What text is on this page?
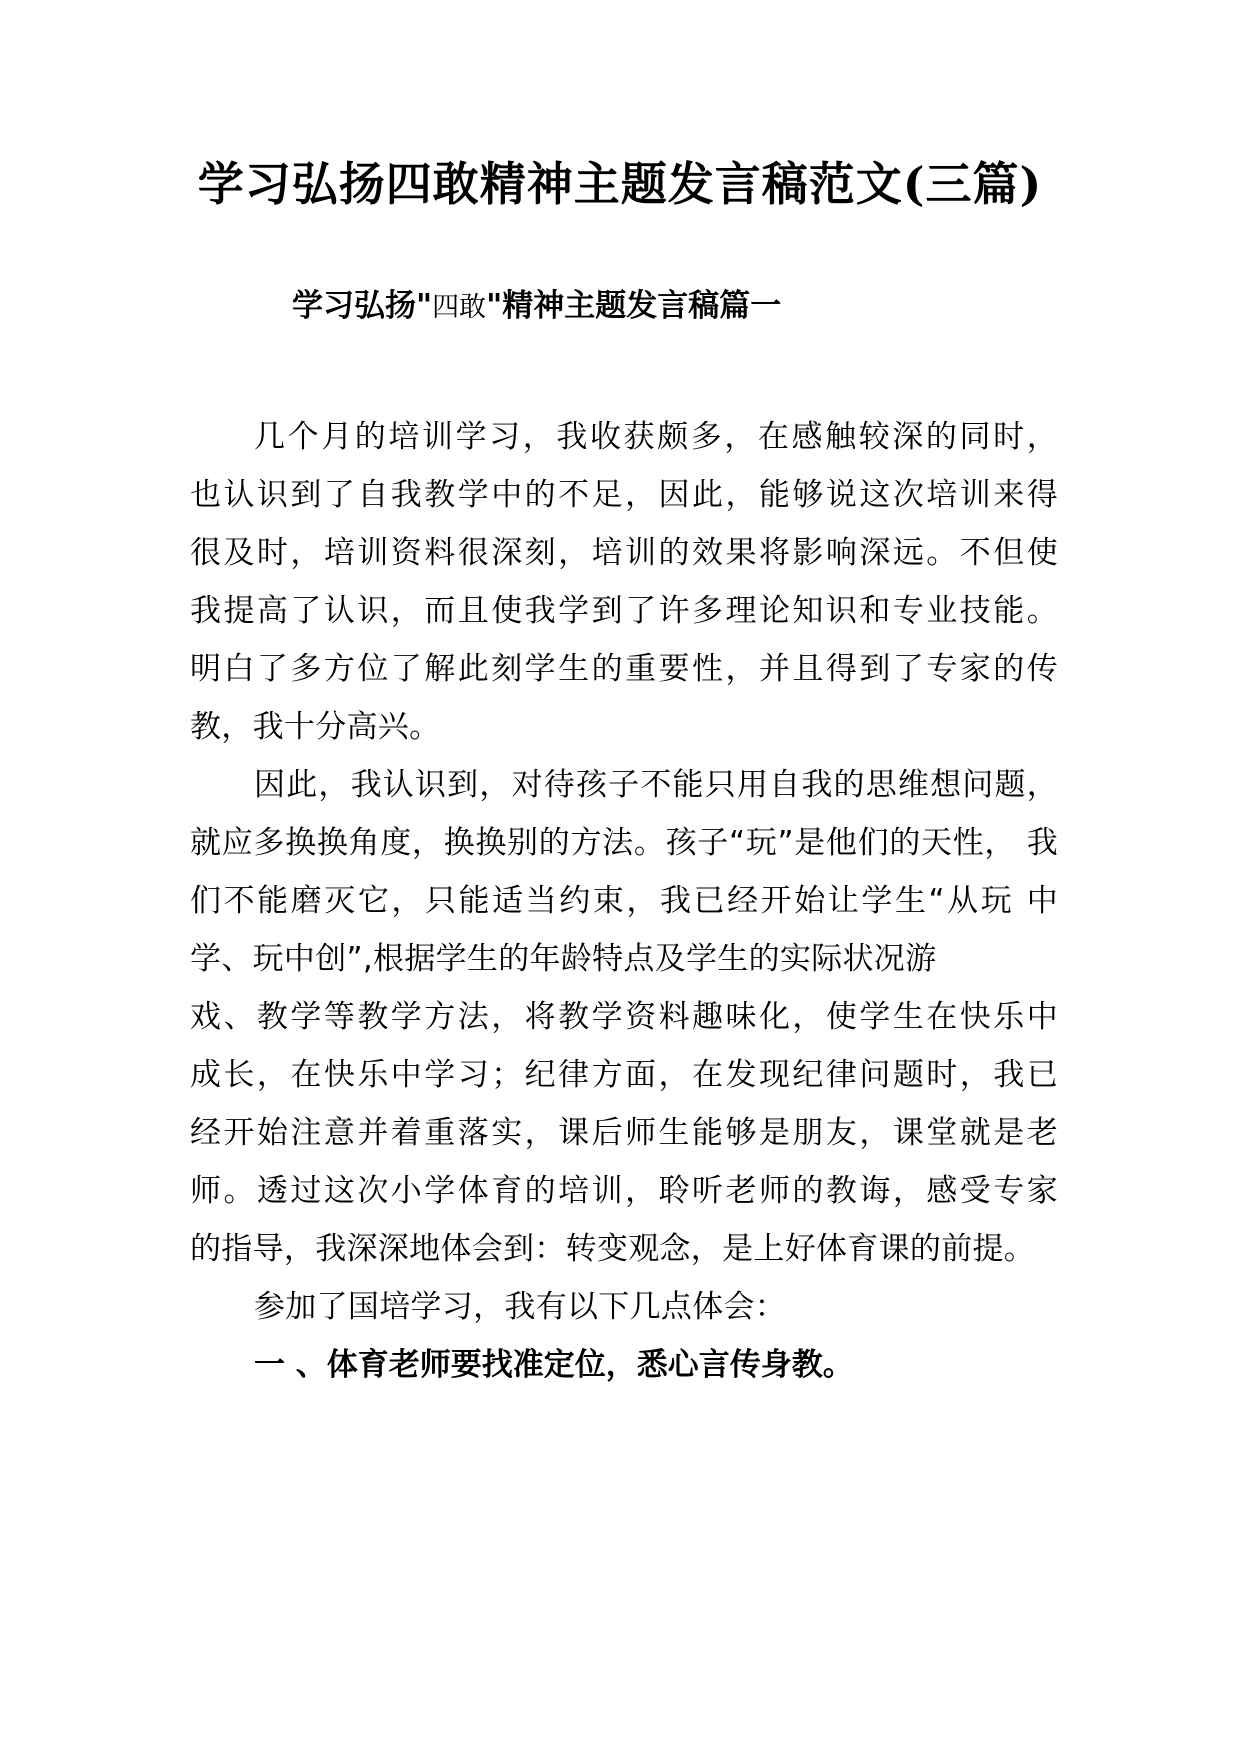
学习弘扬四敢精神主题发言稿范文(三篇)
学习弘扬"四敢"精神主题发言稿篇一

几个月的培训学习，我收获颇多，在感触较深的同时，
也认识到了自我教学中的不足，因此，能够说这次培训来得
很及时，培训资料很深刻，培训的效果将影响深远。不但使
我提高了认识，而且使我学到了许多理论知识和专业技能。
明白了多方位了解此刻学生的重要性，并且得到了专家的传
教，我十分高兴。

因此，我认识到，对待孩子不能只用自我的思维想问题，
就应多换换角度，换换别的方法。孩子“玩”是他们的天性， 我
们不能磨灭它，只能适当约束，我已经开始让学生“从玩 中
学、玩中创”,根据学生的年龄特点及学生的实际状况游
戏、教学等教学方法，将教学资料趣味化，使学生在快乐中
成长，在快乐中学习；纪律方面，在发现纪律问题时，我已
经开始注意并着重落实，课后师生能够是朋友，课堂就是老
师。透过这次小学体育的培训，聆听老师的教诲，感受专家
的指导，我深深地体会到：转变观念，是上好体育课的前提。

参加了国培学习，我有以下几点体会：

一 、体育老师要找准定位，悉心言传身教。
